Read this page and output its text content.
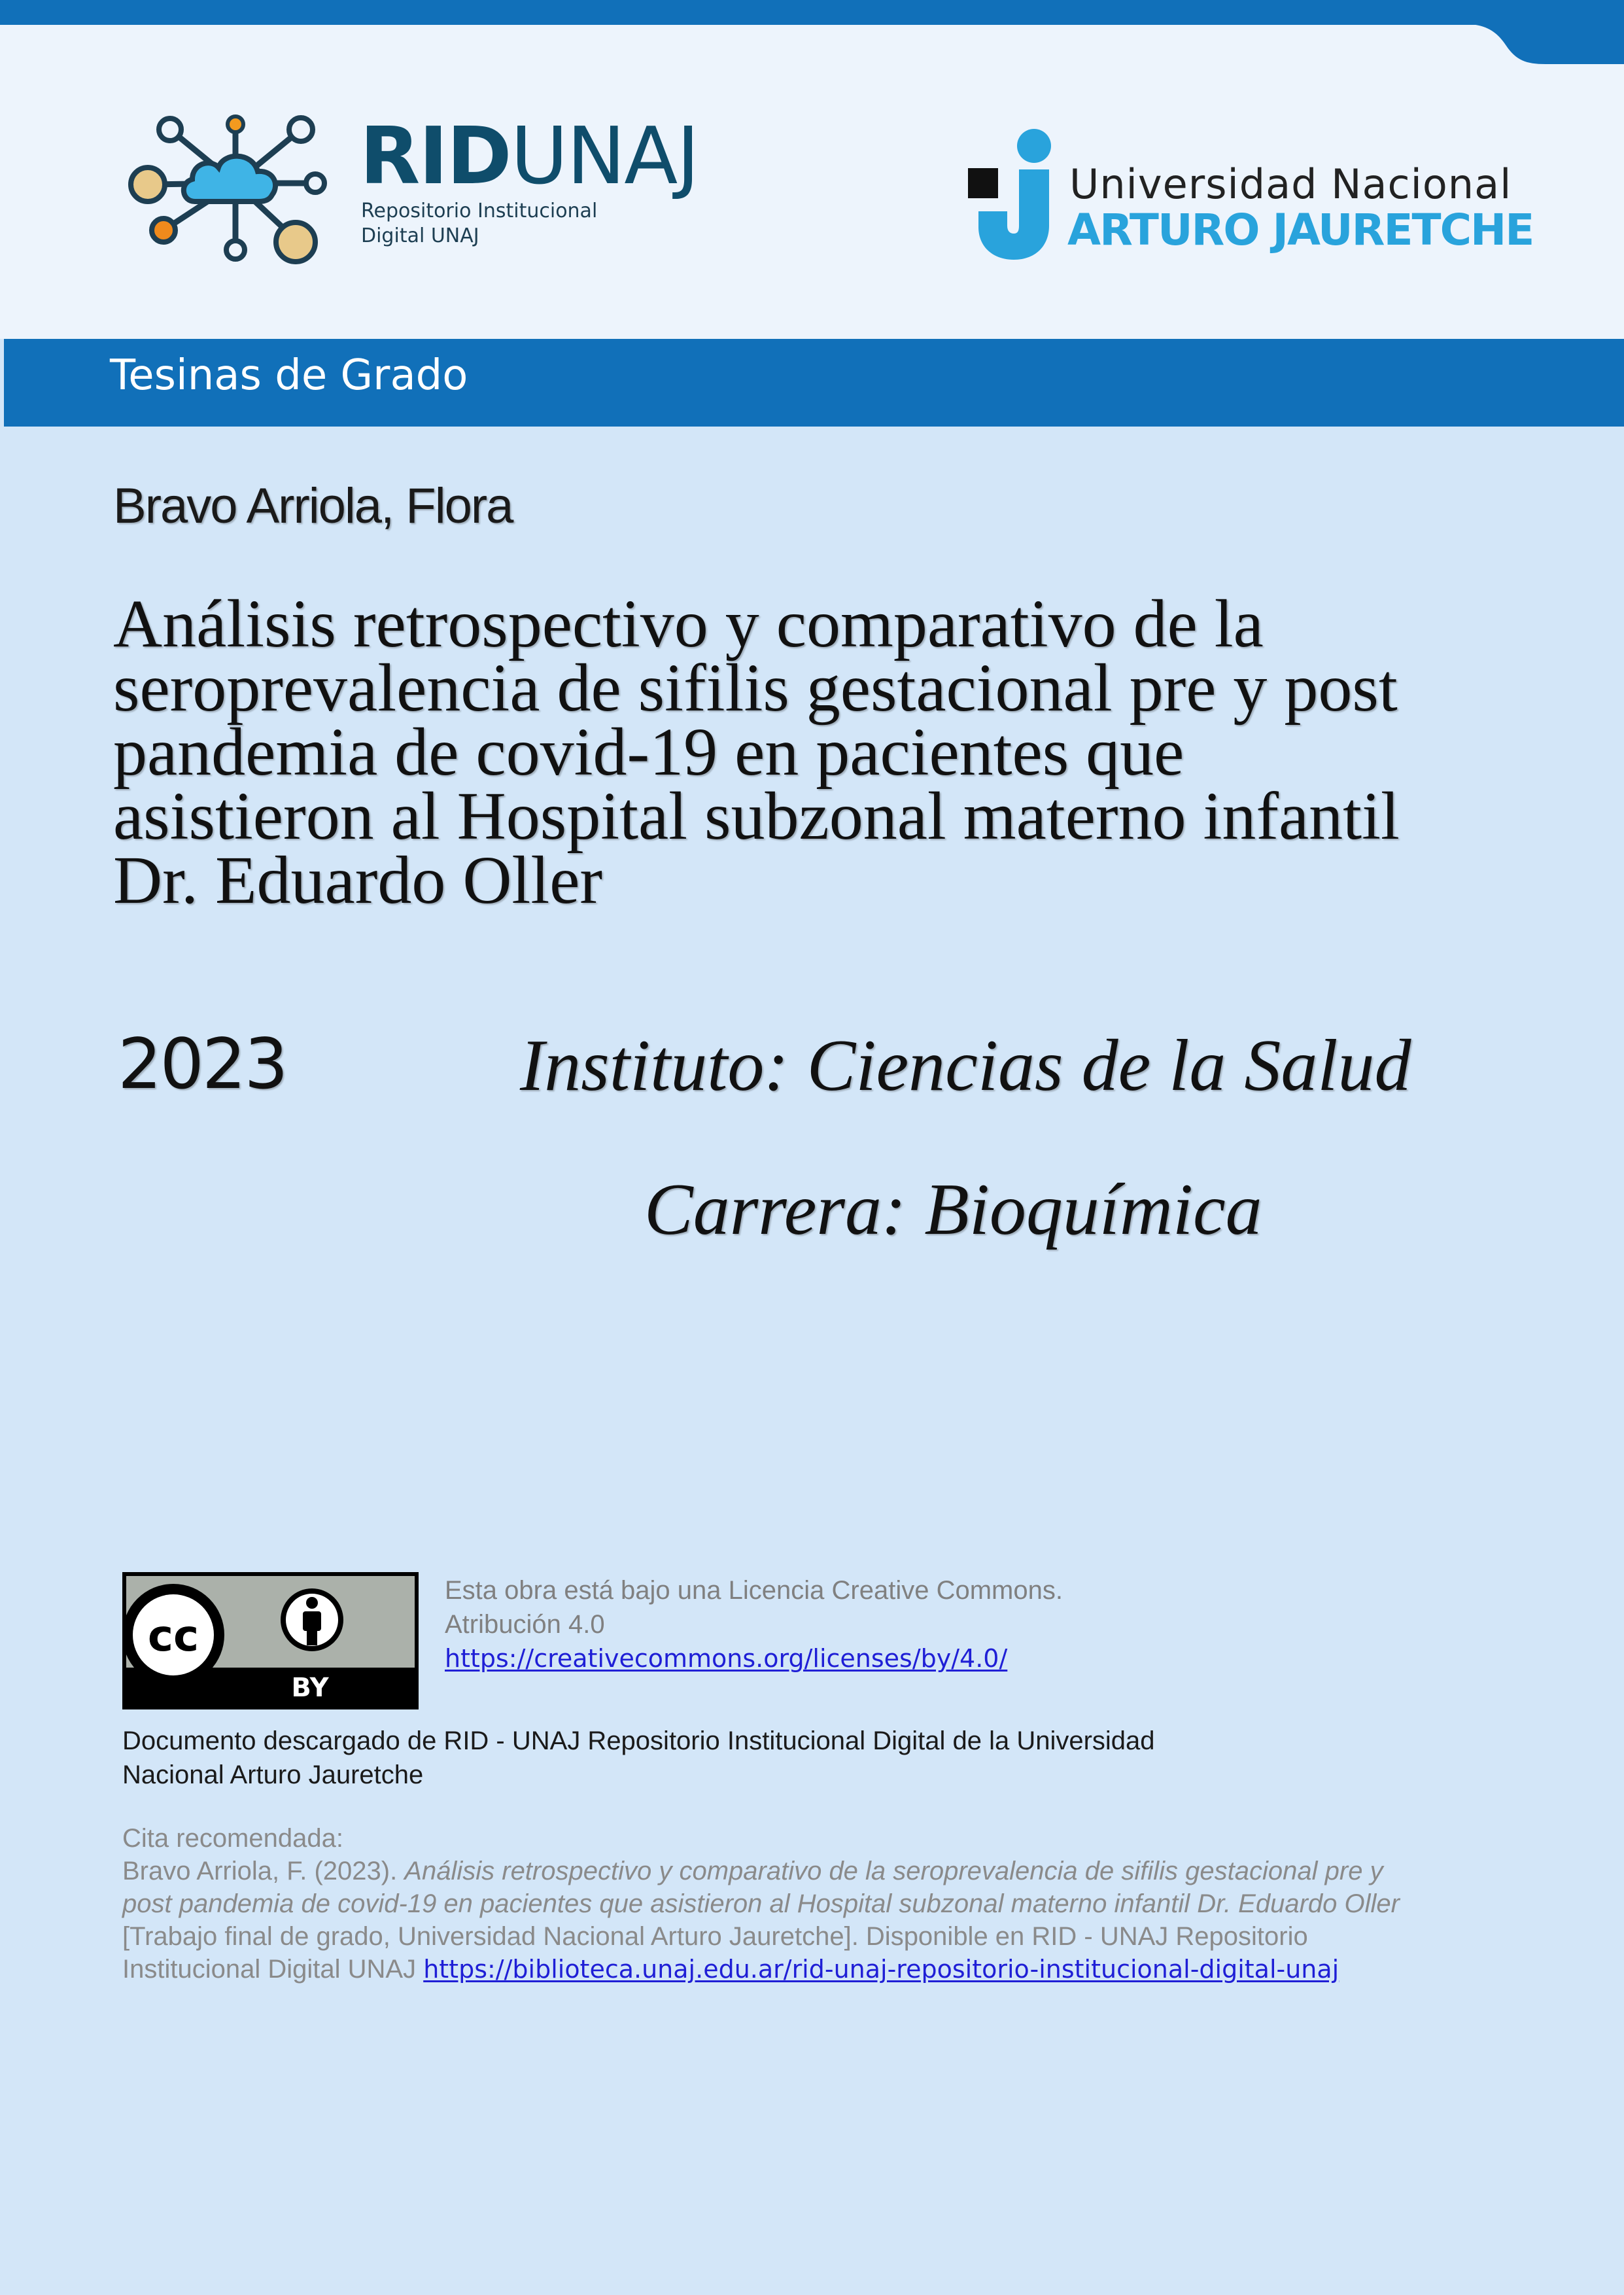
RIDUNAJ
Repositorio Institucional
Digital UNAJ
Universidad Nacional
ARTURO JAURETCHE
Tesinas de Grado
Bravo Arriola, Flora
Análisis retrospectivo y comparativo de la
seroprevalencia de sifilis gestacional pre y post
pandemia de covid-19 en pacientes que
asistieron al Hospital subzonal materno infantil
Dr. Eduardo Oller
2023	Instituto: Ciencias de la Salud
Carrera: Bioquímica
cc
BY
Esta obra está bajo una Licencia Creative Commons.
Atribución 4.0
https://creativecommons.org/licenses/by/4.0/
Documento descargado de RID - UNAJ Repositorio Institucional Digital de la Universidad
Nacional Arturo Jauretche
Cita recomendada:
Bravo Arriola, F. (2023). Análisis retrospectivo y comparativo de la seroprevalencia de sifilis gestacional pre y
post pandemia de covid-19 en pacientes que asistieron al Hospital subzonal materno infantil Dr. Eduardo Oller
[Trabajo final de grado, Universidad Nacional Arturo Jauretche]. Disponible en RID - UNAJ Repositorio
Institucional Digital UNAJ https://biblioteca.unaj.edu.ar/rid-unaj-repositorio-institucional-digital-unaj
